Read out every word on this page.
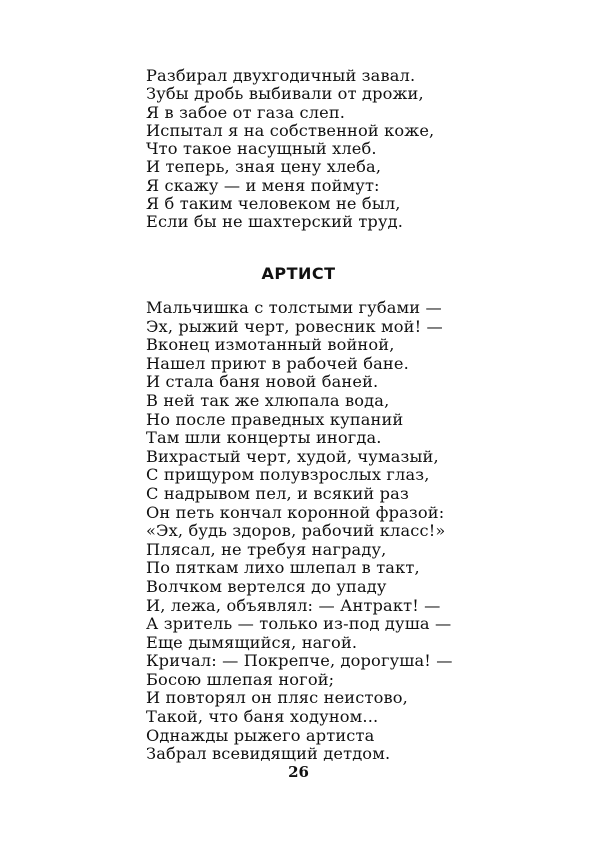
Разбирал двухгодичный завал.
Зубы дробь выбивали от дрожи,
Я в забое от газа слеп.
Испытал я на собственной коже,
Что такое насущный хлеб.
И теперь, зная цену хлеба,
Я скажу — и меня поймут:
Я б таким человеком не был,
Если бы не шахтерский труд.
АРТИСТ
Мальчишка с толстыми губами —
Эх, рыжий черт, ровесник мой! —
Вконец измотанный войной,
Нашел приют в рабочей бане.
И стала баня новой баней.
В ней так же хлюпала вода,
Но после праведных купаний
Там шли концерты иногда.
Вихрастый черт, худой, чумазый,
С прищуром полувзрослых глаз,
С надрывом пел, и всякий раз
Он петь кончал коронной фразой:
«Эх, будь здоров, рабочий класс!»
Плясал, не требуя награду,
По пяткам лихо шлепал в такт,
Волчком вертелся до упаду
И, лежа, объявлял: — Антракт! —
А зритель — только из-под душа —
Еще дымящийся, нагой.
Кричал: — Покрепче, дорогуша! —
Босою шлепая ногой;
И повторял он пляс неистово,
Такой, что баня ходуном...
Однажды рыжего артиста
Забрал всевидящий детдом.
26
